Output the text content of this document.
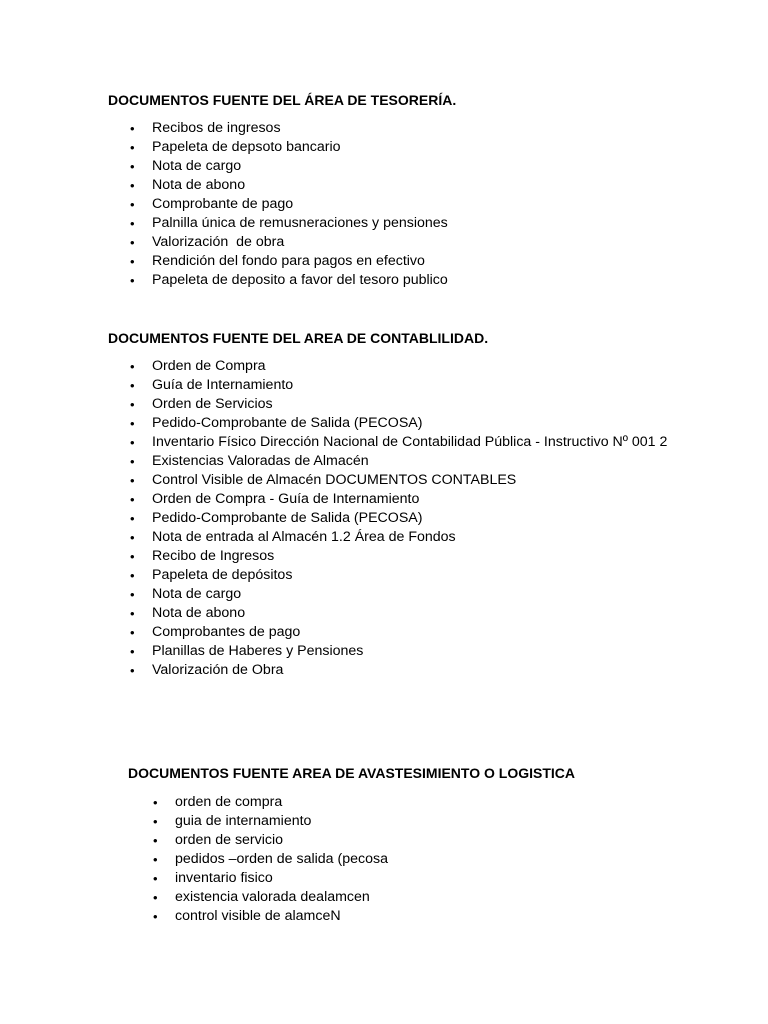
DOCUMENTOS FUENTE DEL ÁREA DE TESORERÍA.
• Recibos de ingresos
• Papeleta de depsoto bancario
• Nota de cargo
• Nota de abono
• Comprobante de pago
• Palnilla única de remusneraciones y pensiones
• Valorización  de obra
• Rendición del fondo para pagos en efectivo
• Papeleta de deposito a favor del tesoro publico
DOCUMENTOS FUENTE DEL AREA DE CONTABLILIDAD.
• Orden de Compra
• Guía de Internamiento
• Orden de Servicios
• Pedido-Comprobante de Salida (PECOSA)
• Inventario Físico Dirección Nacional de Contabilidad Pública - Instructivo Nº 001 2
• Existencias Valoradas de Almacén
• Control Visible de Almacén DOCUMENTOS CONTABLES
• Orden de Compra - Guía de Internamiento
• Pedido-Comprobante de Salida (PECOSA)
• Nota de entrada al Almacén 1.2 Área de Fondos
• Recibo de Ingresos
• Papeleta de depósitos
• Nota de cargo
• Nota de abono
• Comprobantes de pago
• Planillas de Haberes y Pensiones
• Valorización de Obra
DOCUMENTOS FUENTE AREA DE AVASTESIMIENTO O LOGISTICA
• orden de compra
• guia de internamiento
• orden de servicio
• pedidos –orden de salida (pecosa
• inventario fisico
• existencia valorada dealamcen
• control visible de alamceN
